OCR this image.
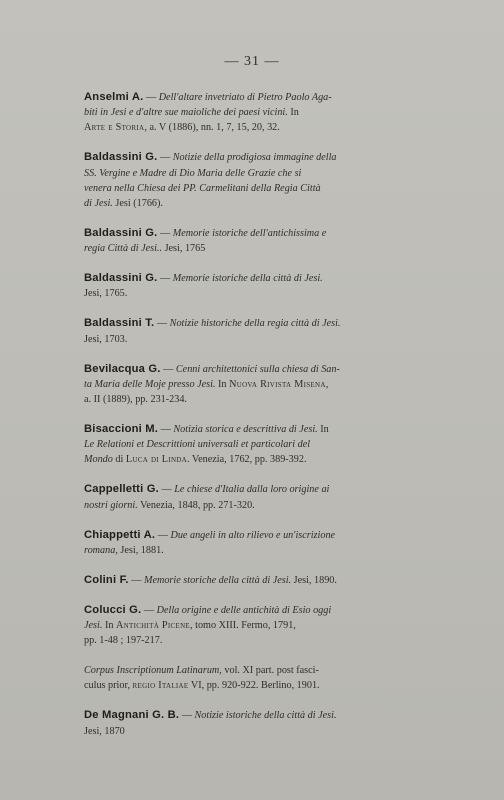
— 31 —

Anselmi A. — Dell'altare invetriato di Pietro Paolo Aga-
biti in Jesi e d'altre sue maioliche dei paesi vicini. In
Arte e Storia, a. V (1886), nn. 1, 7, 15, 20, 32.

Baldassini G. — Notizie della prodigiosa immagine della
SS. Vergine e Madre di Dio Maria delle Grazie che si
venera nella Chiesa dei PP. Carmelitani della Regia Città
di Jesi. Jesi (1766).

Baldassini G. — Memorie istoriche dell'antichissima e
regia Città di Jesi.. Jesi, 1765

Baldassini G. — Memorie istoriche della città di Jesi.
Jesi, 1765.

Baldassini T. — Notizie historiche della regia città di Jesi.
Jesi, 1703.

Bevilacqua G. — Cenni architettonici sulla chiesa di San-
ta Maria delle Moje presso Jesi. In Nuova Rivista Misena,
a. II (1889), pp. 231-234.

Bisaccioni M. — Notizia storica e descrittiva di Jesi. In
Le Relationi et Descrittioni universali et particolari del
Mondo di Luca di Linda. Venezia, 1762, pp. 389-392.

Cappelletti G. — Le chiese d'Italia dalla loro origine ai
nostri giorni. Venezia, 1848, pp. 271-320.

Chiappetti A. — Due angeli in alto rilievo e un'iscrizione
romana, Jesi, 1881.

Colini F. — Memorie storiche della città di Jesi. Jesi, 1890.

Colucci G. — Della origine e delle antichità di Esio oggi
Jesi. In Antichità Picene, tomo XIII. Fermo, 1791,
pp. 1-48 ; 197-217.

Corpus Inscriptionum Latinarum, vol. XI part. post fasci-
culus prior, regio Italiae VI, pp. 920-922. Berlino, 1901.

De Magnani G. B. — Notizie istoriche della città di Jesi.
Jesi, 1870
